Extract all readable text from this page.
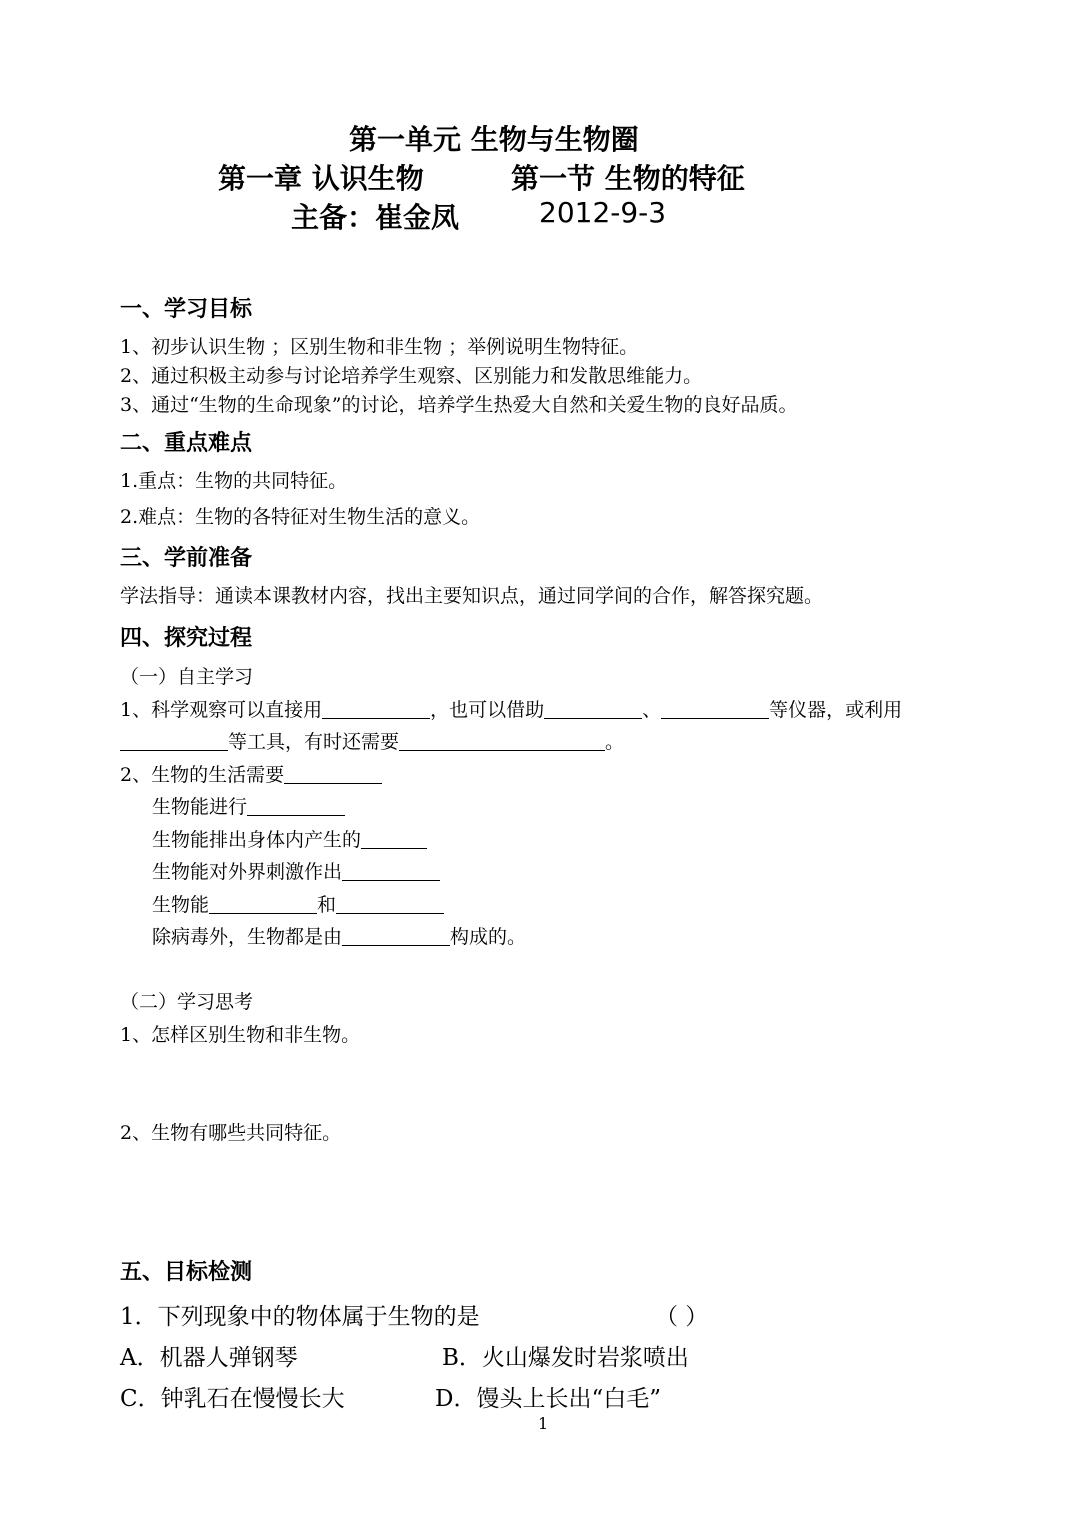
第一单元 生物与生物圈
第一章 认识生物	第一节 生物的特征
主备：崔金凤	2012-9-3
一、学习目标
1、初步认识生物 ；区别生物和非生物 ；举例说明生物特征。
2、通过积极主动参与讨论培养学生观察、区别能力和发散思维能力。
3、通过“生物的生命现象”的讨论，培养学生热爱大自然和关爱生物的良好品质。
二、重点难点
1.重点：生物的共同特征。
2.难点：生物的各特征对生物生活的意义。
三、学前准备
学法指导：通读本课教材内容，找出主要知识点，通过同学间的合作，解答探究题。
四、探究过程
（一）自主学习
1、科学观察可以直接用	，也可以借助	、	等仪器，或利用
等工具，有时还需要	。
2、生物的生活需要
生物能进行
生物能排出身体内产生的
生物能对外界刺激作出
生物能	和
除病毒外，生物都是由	构成的。
（二）学习思考
1、怎样区别生物和非生物。
2、生物有哪些共同特征。
五、目标检测
1．下列现象中的物体属于生物的是	（ ）
A．机器人弹钢琴	B．火山爆发时岩浆喷出
C．钟乳石在慢慢长大	D．馒头上长出“白毛”
1
